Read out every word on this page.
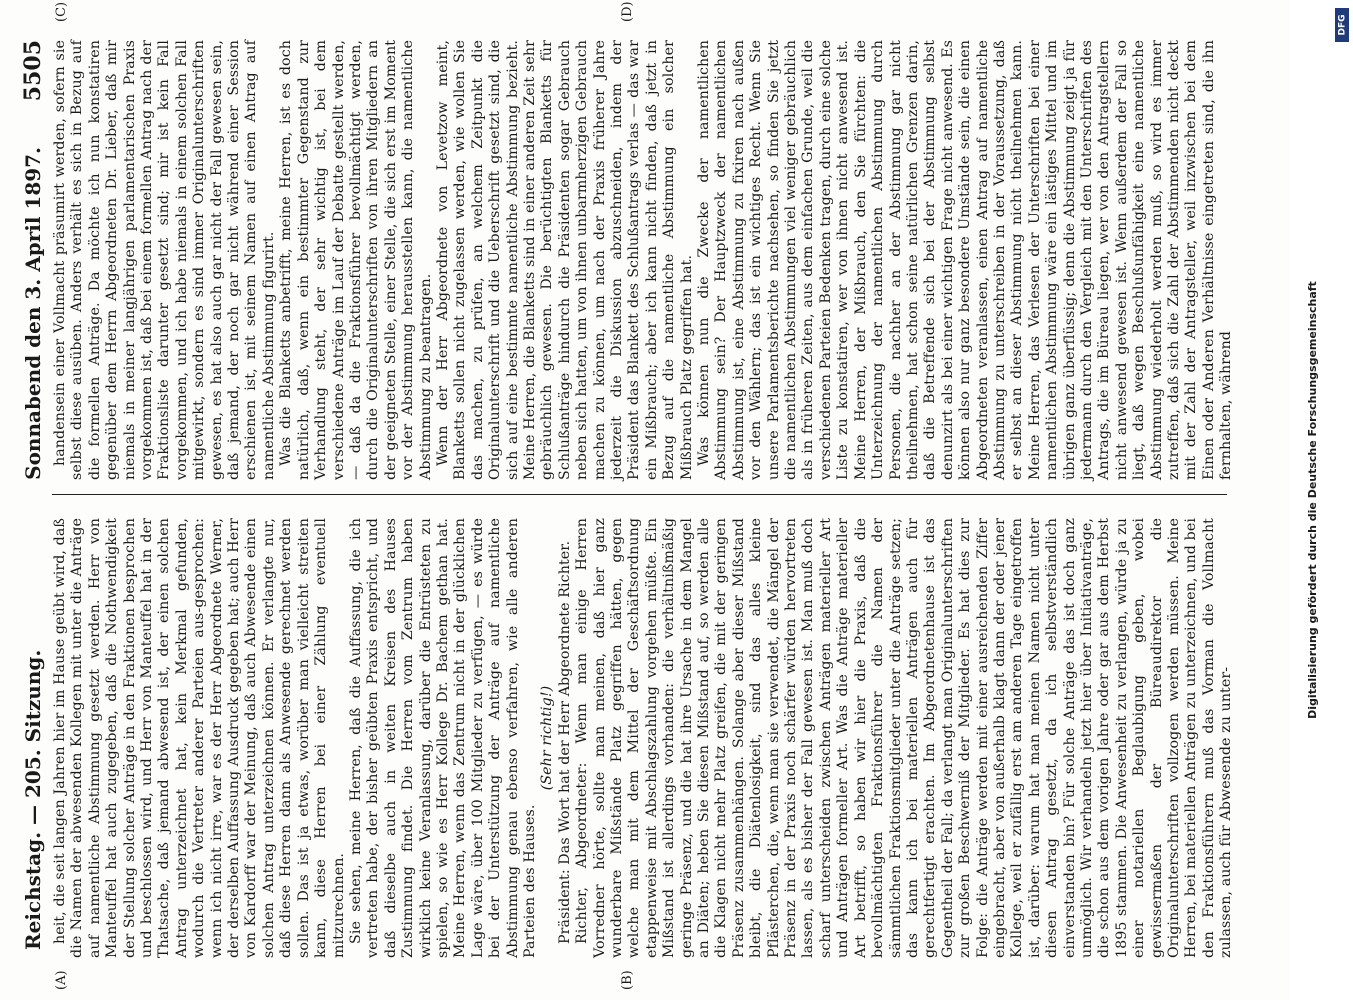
Reichstag. — 205. Sitzung.
Sonnabend den 3. April 1897.
5505
(A)	(B)
(C)	(D)

heit, die seit langen Jahren hier im Hause geübt wird, daß die Namen der abwesenden Kollegen mit unter die Anträge auf namentliche Abstimmung gesetzt werden. Herr von Manteuffel hat auch zugegeben, daß die Nothwendigkeit der Stellung solcher Anträge in den Fraktionen besprochen und beschlossen wird, und Herr von Manteuffel hat in der Thatsache, daß jemand abwesend ist, der einen solchen Antrag unterzeichnet hat, kein Merkmal gefunden, wodurch die Vertreter anderer Parteien aus-gesprochen: wenn ich nicht irre, war es der Herr Abgeordnete Werner, der derselben Auffassung Ausdruck gegeben hat; auch Herr von Kardorff war der Meinung, daß auch Abwesende einen solchen Antrag unterzeichnen können. Er verlangte nur, daß diese Herren dann als Anwesende gerechnet werden sollen. Das ist ja etwas, worüber man vielleicht streiten kann, diese Herren bei einer Zählung eventuell mitzurechnen. Sie sehen, meine Herren, daß die Auffassung, die ich vertreten habe, der bisher geübten Praxis entspricht, und daß dieselbe auch in weiten Kreisen des Hauses Zustimmung findet. Die Herren vom Zentrum haben wirklich keine Veranlassung, darüber die Entrüsteten zu spielen, so wie es Herr Kollege Dr. Bachem gethan hat. Meine Herren, wenn das Zentrum nicht in der glücklichen Lage wäre, über 100 Mitglieder zu verfügen, — es würde bei der Unterstützung der Anträge auf namentliche Abstimmung genau ebenso verfahren, wie alle anderen Parteien des Hauses.

(Sehr richtig!) Präsident: Das Wort hat der Herr Abgeordnete Richter. Richter, Abgeordneter: Wenn man einige Herren Vorredner hörte, sollte man meinen, daß hier ganz wunderbare Mißstände Platz gegriffen hätten, gegen welche man mit dem Mittel der Geschäftsordnung etappenweise mit Abschlagszahlung vorgehen müßte. Ein Mißstand ist allerdings vorhanden: die verhältnißmäßig geringe Präsenz, und die hat ihre Ursache in dem Mangel an Diäten; heben Sie diesen Mißstand auf, so werden alle die Klagen nicht mehr Platz greifen, die mit der geringen Präsenz zusammenhängen. Solange aber dieser Mißstand bleibt, die Diätenlosigkeit, sind das alles kleine Pflästerchen, die, wenn man sie verwendet, die Mängel der Präsenz in der Praxis noch schärfer würden hervortreten lassen, als es bisher der Fall gewesen ist. Man muß doch scharf unterscheiden zwischen Anträgen materieller Art und Anträgen formeller Art. Was die Anträge materieller Art betrifft, so haben wir hier die Praxis, daß die bevollmächtigten Fraktionsführer die Namen der sämmtlichen Fraktionsmitglieder unter die Anträge setzen; das kann ich bei materiellen Anträgen auch für gerechtfertigt erachten. Im Abgeordnetenhause ist das Gegentheil der Fall; da verlangt man Originalunterschriften zur großen Beschwerniß der Mitglieder. Es hat dies zur Folge: die Anträge werden mit einer ausreichenden Ziffer eingebracht, aber von außerhalb klagt dann der oder jener Kollege, weil er zufällig erst am anderen Tage eingetroffen ist, darüber: warum hat man meinen Namen nicht unter diesen Antrag gesetzt, da ich selbstverständlich einverstanden bin? Für solche Anträge das ist doch ganz unmöglich. Wir verhandeln jetzt hier über Initiativanträge, die schon aus dem vorigen Jahre oder gar aus dem Herbst 1895 stammen. Die Anwesenheit zu verlangen, würde ja zu einer notariellen Beglaubigung geben, wobei gewissermaßen der Büreaudirektor die Originalunterschriften vollzogen werden müssen. Meine Herren, bei materiellen Anträgen zu unterzeichnen, und bei den Fraktionsführern muß das Vorman die Vollmacht zulassen, auch für Abwesende zu unter-

handensein einer Vollmacht präsumirt werden, sofern sie selbst diese ausüben. Anders verhält es sich in Bezug auf die formellen Anträge. Da möchte ich nun konstatiren gegenüber dem Herrn Abgeordneten Dr. Lieber, daß mir niemals in meiner langjährigen parlamentarischen Praxis vorgekommen ist, daß bei einem formellen Antrag nach der Fraktionsliste darunter gesetzt sind; mir ist kein Fall vorgekommen, und ich habe niemals in einem solchen Fall mitgewirkt, sondern es sind immer Originalunterschriften gewesen, es hat also auch gar nicht der Fall gewesen sein, daß jemand, der noch gar nicht während einer Session erschienen ist, mit seinem Namen auf einen Antrag auf namentliche Abstimmung figurirt. Was die Blanketts anbetrifft, meine Herren, ist es doch natürlich, daß, wenn ein bestimmter Gegenstand zur Verhandlung steht, der sehr wichtig ist, bei dem verschiedene Anträge im Lauf der Debatte gestellt werden, — daß da die Fraktionsführer bevollmächtigt werden, durch die Originalunterschriften von ihren Mitgliedern an der geeigneten Stelle, einer Stelle, die sich erst im Moment vor der Abstimmung herausstellen kann, die namentliche Abstimmung zu beantragen. Wenn der Herr Abgeordnete von Levetzow meint, Blanketts sollen nicht zugelassen werden, wie wollen Sie das machen, zu prüfen, an welchem Zeitpunkt die Originalunterschrift und die Ueberschrift gesetzt sind, die sich auf eine bestimmte namentliche Abstimmung bezieht. Meine Herren, die Blanketts sind in einer anderen Zeit sehr gebräuchlich gewesen. Die berüchtigten Blanketts für Schlußanträge hindurch die Präsidenten sogar Gebrauch neben sich hatten, um von ihnen unbarmherzigen Gebrauch machen zu können, um nach der Praxis früherer Jahre jederzeit die Diskussion abzuschneiden, indem der Präsident das Blankett des Schlußantrags verlas — das war ein Mißbrauch; aber ich kann nicht finden, daß jetzt in Bezug auf die namentliche Abstimmung ein solcher Mißbrauch Platz gegriffen hat. Was können nun die Zwecke der namentlichen Abstimmung sein? Der Hauptzweck der namentlichen Abstimmung ist, eine Abstimmung zu fixiren nach außen vor den Wählern; das ist ein wichtiges Recht. Wenn Sie unsere Parlamentsberichte nachsehen, so finden Sie jetzt die namentlichen Abstimmungen viel weniger gebräuchlich als in früheren Zeiten, aus dem einfachen Grunde, weil die verschiedenen Parteien Bedenken tragen, durch eine solche Liste zu konstatiren, wer von ihnen nicht anwesend ist. Meine Herren, der Mißbrauch, den Sie fürchten: die Unterzeichnung der namentlichen Abstimmung durch Personen, die nachher an der Abstimmung gar nicht theilnehmen, hat schon seine natürlichen Grenzen darin, daß die Betreffende sich bei der Abstimmung selbst denunzirt als bei einer wichtigen Frage nicht anwesend. Es können also nur ganz besondere Umstände sein, die einen Abgeordneten veranlassen, einen Antrag auf namentliche Abstimmung zu unterschreiben in der Voraussetzung, daß er selbst an dieser Abstimmung nicht theilnehmen kann. Meine Herren, das Verlesen der Unterschriften bei einer namentlichen Abstimmung wäre ein lästiges Mittel und im übrigen ganz überflüssig; denn die Abstimmung zeigt ja für jedermann durch den Vergleich mit den Unterschriften des Antrags, die im Büreau liegen, wer von den Antragstellern nicht anwesend gewesen ist. Wenn außerdem der Fall so liegt, daß wegen Beschlußunfähigkeit eine namentliche Abstimmung wiederholt werden muß, so wird es immer zutreffen, daß sich die Zahl der Abstimmenden nicht deckt mit der Zahl der Antragsteller, weil inzwischen bei dem Einen oder Anderen Verhältnisse eingetreten sind, die ihn fernhalten, während	Digitalisierung gefördert durch die Deutsche Forschungsgemeinschaft
DFG
